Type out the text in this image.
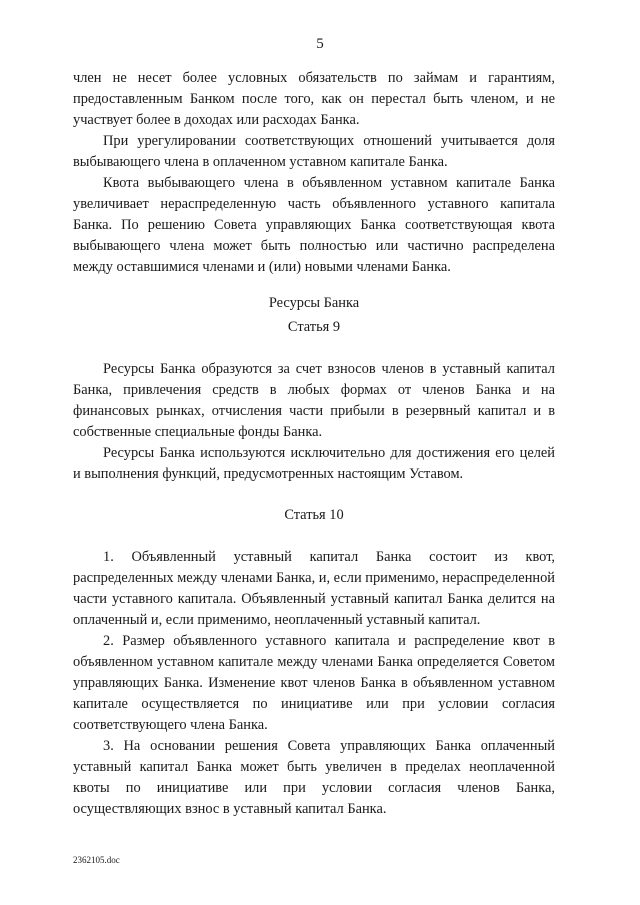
5

член не несет более условных обязательств по займам и гарантиям, предоставленным Банком после того, как он перестал быть членом, и не участвует более в доходах или расходах Банка.

При урегулировании соответствующих отношений учитывается доля выбывающего члена в оплаченном уставном капитале Банка.

Квота выбывающего члена в объявленном уставном капитале Банка увеличивает нераспределенную часть объявленного уставного капитала Банка. По решению Совета управляющих Банка соответствующая квота выбывающего члена может быть полностью или частично распределена между оставшимися членами и (или) новыми членами Банка.

Ресурсы Банка

Статья 9

Ресурсы Банка образуются за счет взносов членов в уставный капитал Банка, привлечения средств в любых формах от членов Банка и на финансовых рынках, отчисления части прибыли в резервный капитал и в собственные специальные фонды Банка.

Ресурсы Банка используются исключительно для достижения его целей и выполнения функций, предусмотренных настоящим Уставом.

Статья 10

1. Объявленный уставный капитал Банка состоит из квот, распределенных между членами Банка, и, если применимо, нераспределенной части уставного капитала. Объявленный уставный капитал Банка делится на оплаченный и, если применимо, неоплаченный уставный капитал.

2. Размер объявленного уставного капитала и распределение квот в объявленном уставном капитале между членами Банка определяется Советом управляющих Банка. Изменение квот членов Банка в объявленном уставном капитале осуществляется по инициативе или при условии согласия соответствующего члена Банка.

3. На основании решения Совета управляющих Банка оплаченный уставный капитал Банка может быть увеличен в пределах неоплаченной квоты по инициативе или при условии согласия членов Банка, осуществляющих взнос в уставный капитал Банка.

2362105.doc
